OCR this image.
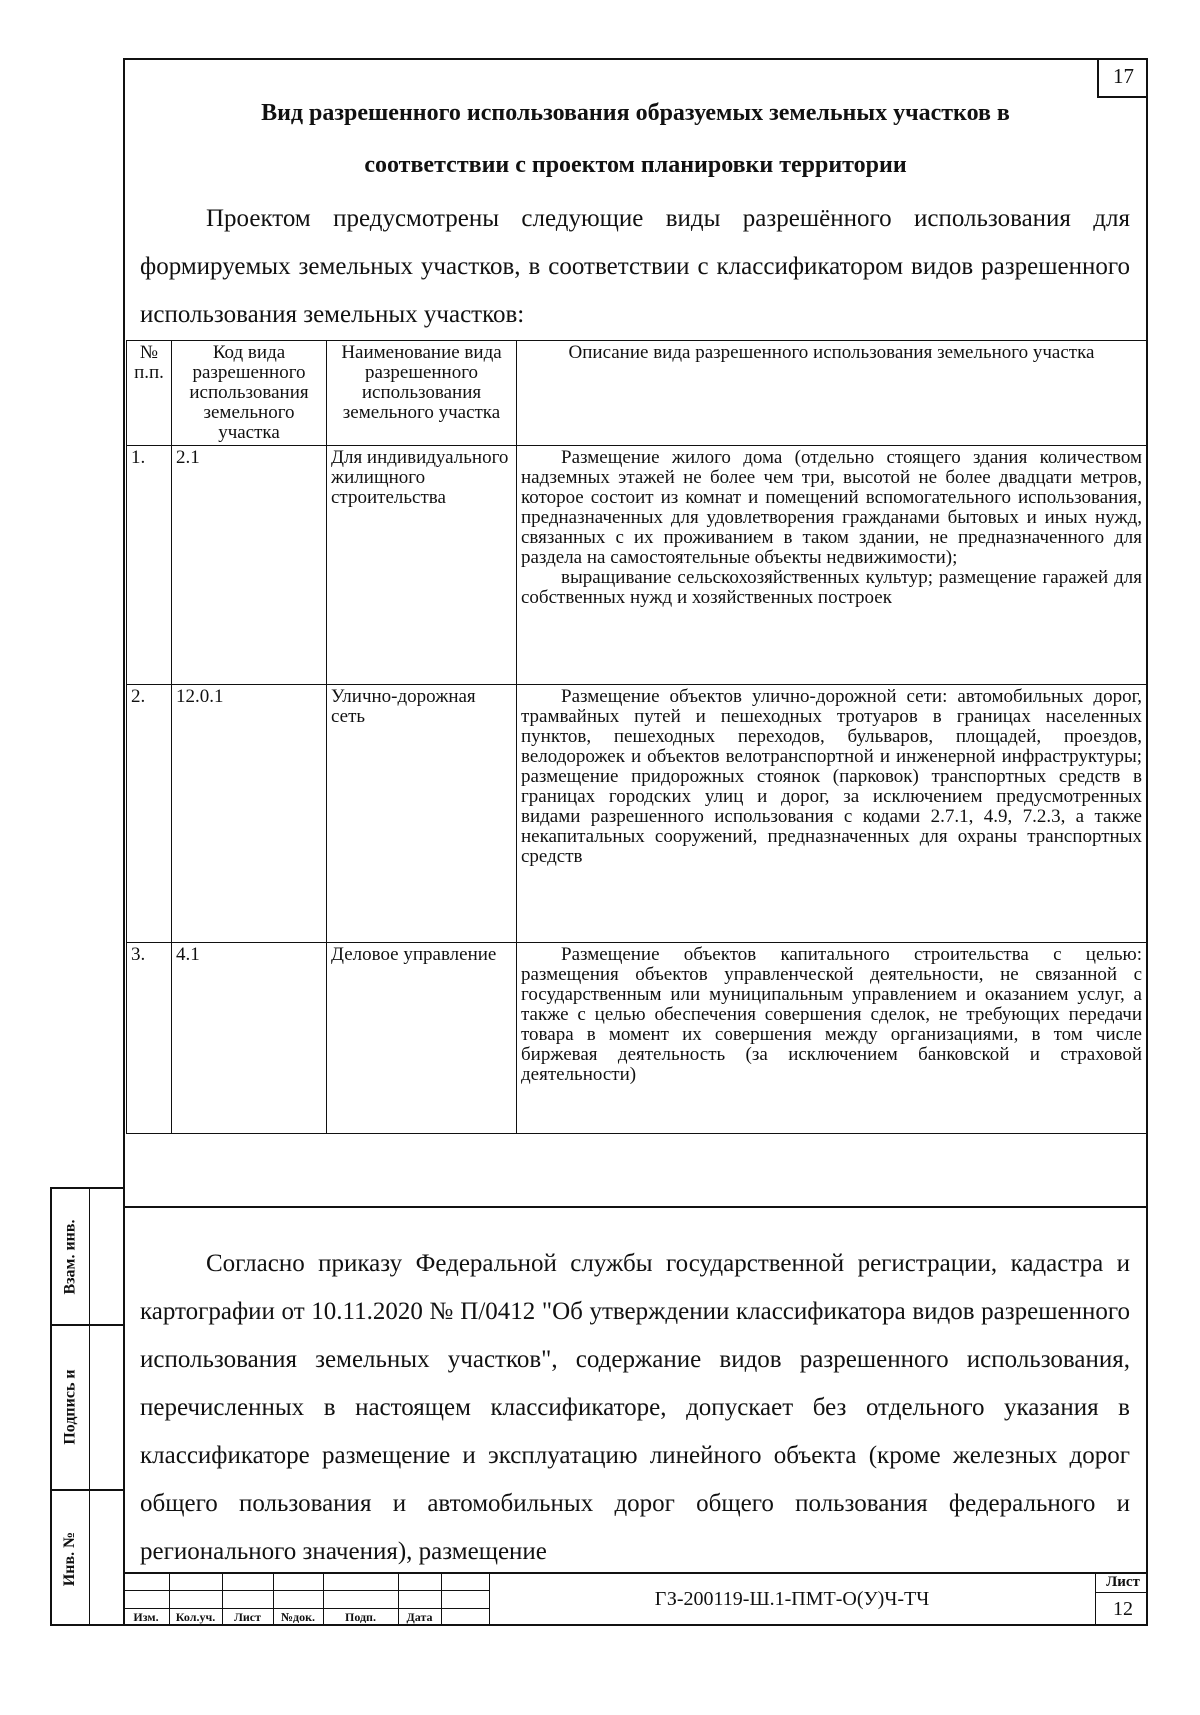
17
Вид разрешенного использования образуемых земельных участков в
соответствии с проектом планировки территории

Проектом предусмотрены следующие виды разрешённого использования для формируемых земельных участков, в соответствии с классификатором видов разрешенного использования земельных участков:

№ п.п.	Код вида разрешенного использования земельного участка	Наименование вида разрешенного использования земельного участка	Описание вида разрешенного использования земельного участка
1.	2.1	Для индивидуального жилищного строительства	Размещение жилого дома (отдельно стоящего здания количеством надземных этажей не более чем три, высотой не более двадцати метров, которое состоит из комнат и помещений вспомогательного использования, предназначенных для удовлетворения гражданами бытовых и иных нужд, связанных с их проживанием в таком здании, не предназначенного для раздела на самостоятельные объекты недвижимости);
выращивание сельскохозяйственных культур; размещение гаражей для собственных нужд и хозяйственных построек

2.	12.0.1	Улично-дорожная сеть	Размещение объектов улично-дорожной сети: автомобильных дорог, трамвайных путей и пешеходных тротуаров в границах населенных пунктов, пешеходных переходов, бульваров, площадей, проездов, велодорожек и объектов велотранспортной и инженерной инфраструктуры; размещение придорожных стоянок (парковок) транспортных средств в границах городских улиц и дорог, за исключением предусмотренных видами разрешенного использования с кодами 2.7.1, 4.9, 7.2.3, а также некапитальных сооружений, предназначенных для охраны транспортных средств

3.	4.1	Деловое управление	Размещение объектов капитального строительства с целью: размещения объектов управленческой деятельности, не связанной с государственным или муниципальным управлением и оказанием услуг, а также с целью обеспечения совершения сделок, не требующих передачи товара в момент их совершения между организациями, в том числе биржевая деятельность (за исключением банковской и страховой деятельности)

Согласно приказу Федеральной службы государственной регистрации, кадастра и картографии от 10.11.2020 № П/0412 "Об утверждении классификатора видов разрешенного использования земельных участков", содержание видов разрешенного использования, перечисленных в настоящем классификаторе, допускает без отдельного указания в классификаторе размещение и эксплуатацию линейного объекта (кроме железных дорог общего пользования и автомобильных дорог общего пользования федерального и регионального значения), размещение

Взам. инв.
Подпись и
Инв. №
Изм.	Кол.уч.	Лист	№док.	Подп.	Дата
ГЗ-200119-Ш.1-ПМТ-О(У)Ч-ТЧ
Лист
12
